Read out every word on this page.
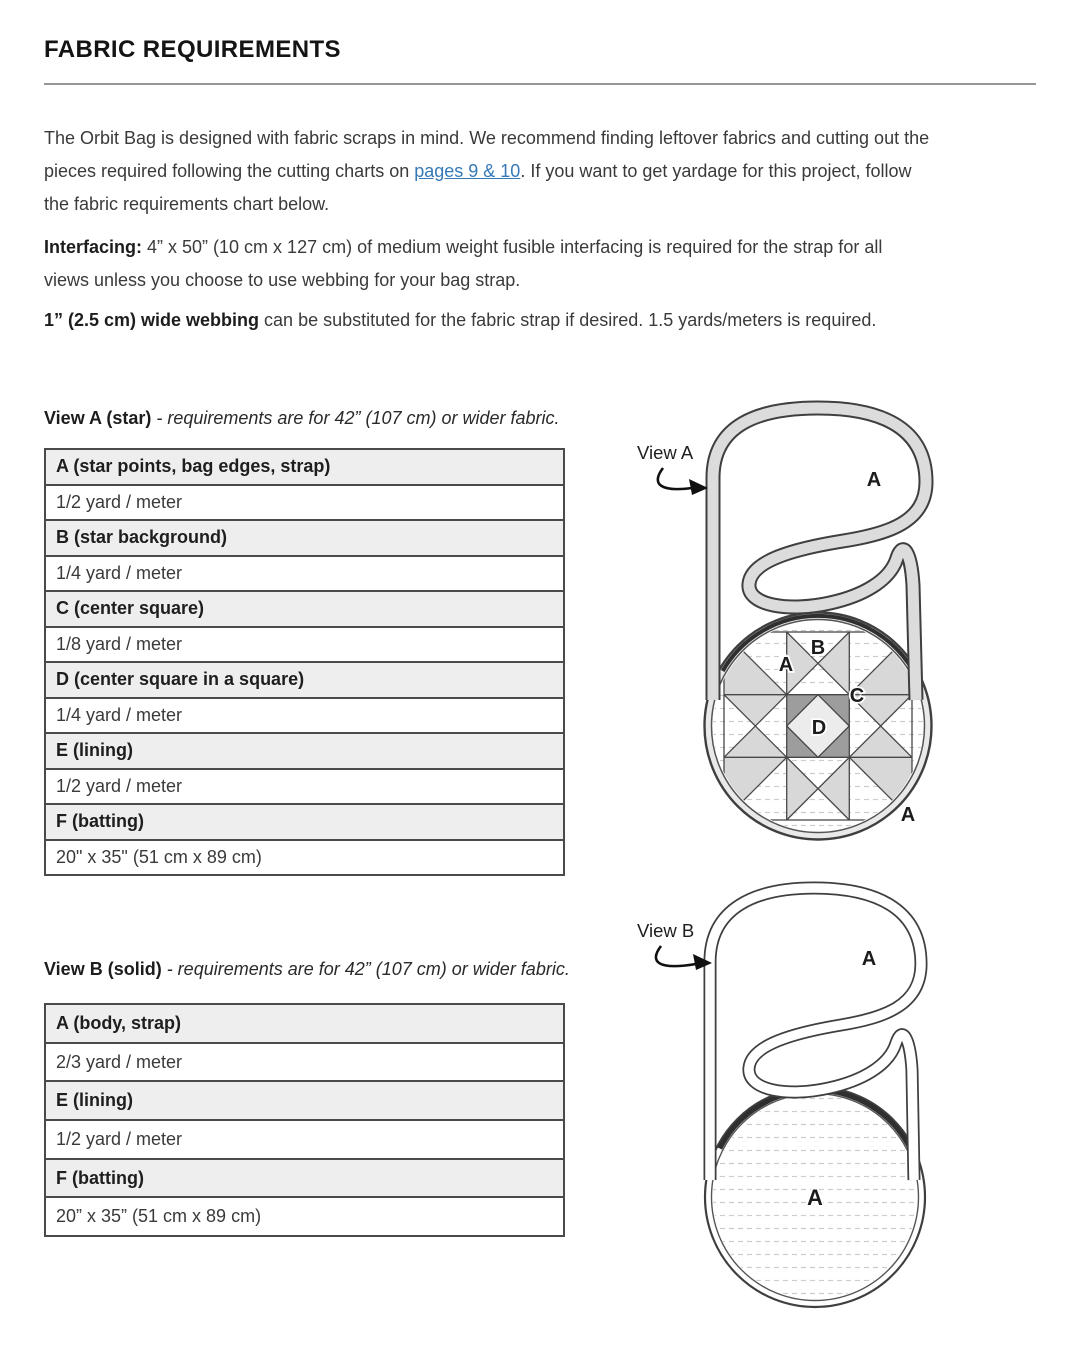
FABRIC REQUIREMENTS
The Orbit Bag is designed with fabric scraps in mind. We recommend finding leftover fabrics and cutting out the
pieces required following the cutting charts on pages 9 & 10. If you want to get yardage for this project, follow
the fabric requirements chart below.
Interfacing: 4” x 50” (10 cm x 127 cm) of medium weight fusible interfacing is required for the strap for all
views unless you choose to use webbing for your bag strap.
1” (2.5 cm) wide webbing can be substituted for the fabric strap if desired. 1.5 yards/meters is required.
View A (star) - requirements are for 42” (107 cm) or wider fabric.
A (star points, bag edges, strap)
1/2 yard / meter
B (star background)
1/4 yard / meter
C (center square)
1/8 yard / meter
D (center square in a square)
1/4 yard / meter
E (lining)
1/2 yard / meter
F (batting)
20" x 35" (51 cm x 89 cm)
View B (solid) - requirements are for 42” (107 cm) or wider fabric.
A (body, strap)
2/3 yard / meter
E (lining)
1/2 yard / meter
F (batting)
20” x 35” (51 cm x 89 cm)
View A
A
B
A
C
D
A
View B
A
A
